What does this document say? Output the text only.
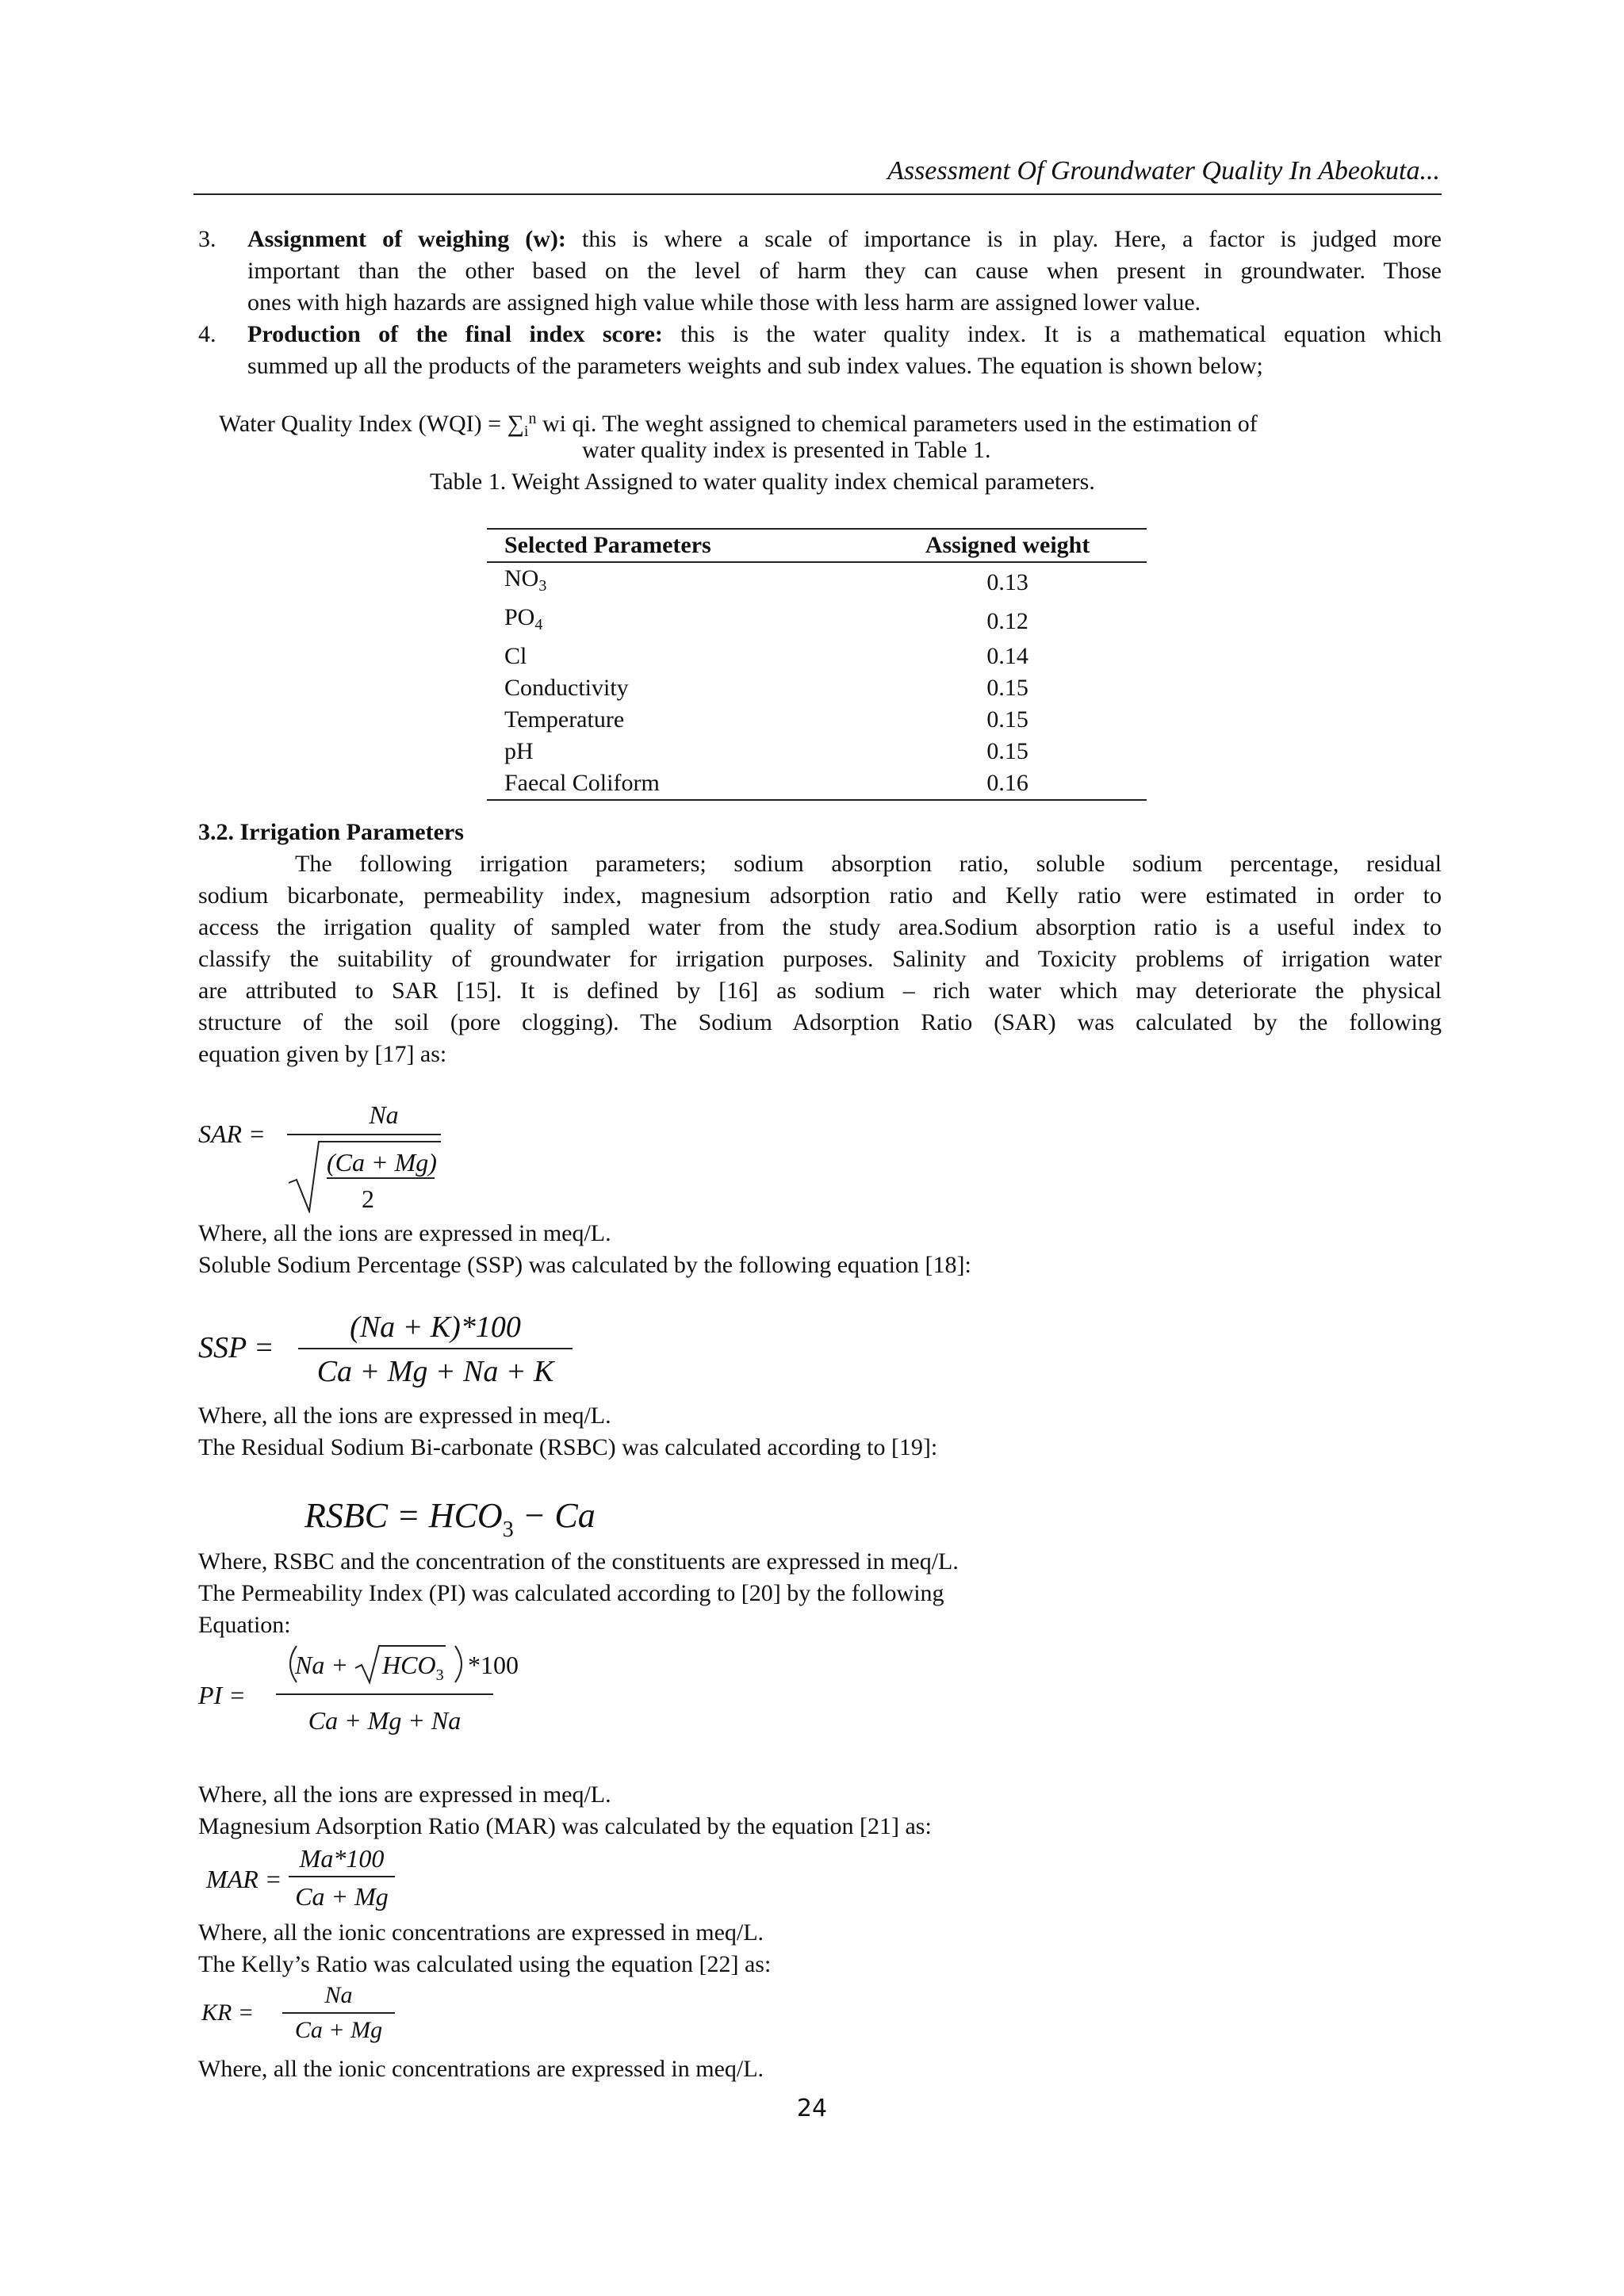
Assessment Of Groundwater Quality In Abeokuta...
3. Assignment of weighing (w): this is where a scale of importance is in play. Here, a factor is judged more
important than the other based on the level of harm they can cause when present in groundwater. Those
ones with high hazards are assigned high value while those with less harm are assigned lower value.
4. Production of the final index score: this is the water quality index. It is a mathematical equation which
summed up all the products of the parameters weights and sub index values. The equation is shown below;
Water Quality Index $(WQI) = \sum_i^n$ wi qi. The weght assigned to chemical parameters used in the estimation of
water quality index is presented in Table 1.
Table 1. Weight Assigned to water quality index chemical parameters.
Selected Parameters	Assigned weight
$NO_3$	0.13
$PO_4$	0.12
Cl	0.14
Conductivity	0.15
Temperature	0.15
pH	0.15
Faecal Coliform	0.16
3.2. Irrigation Parameters
The following irrigation parameters; sodium absorption ratio, soluble sodium percentage, residual
sodium bicarbonate, permeability index, magnesium adsorption ratio and Kelly ratio were estimated in order to
access the irrigation quality of sampled water from the study area.Sodium absorption ratio is a useful index to
classify the suitability of groundwater for irrigation purposes. Salinity and Toxicity problems of irrigation water
are attributed to SAR [15]. It is defined by [16] as sodium – rich water which may deteriorate the physical
structure of the soil (pore clogging). The Sodium Adsorption Ratio (SAR) was calculated by the following
equation given by [17] as:
SAR =
Na
(Ca + Mg)
2
Where, all the ions are expressed in meq/L.
Soluble Sodium Percentage (SSP) was calculated by the following equation [18]:
SSP =
(Na + K)*100
Ca + Mg + Na + K
Where, all the ions are expressed in meq/L.
The Residual Sodium Bi-carbonate (RSBC) was calculated according to [19]:
RSBC = $HCO_3 - Ca$
Where, RSBC and the concentration of the constituents are expressed in meq/L.
The Permeability Index (PI) was calculated according to [20] by the following
Equation:
PI =
$Na + HCO_3$ *100
Ca + Mg + Na
Where, all the ions are expressed in meq/L.
Magnesium Adsorption Ratio (MAR) was calculated by the equation [21] as:
MAR =
Ma*100
Ca + Mg
Where, all the ionic concentrations are expressed in meq/L.
The Kelly’s Ratio was calculated using the equation [22] as:
KR =
Na
Ca + Mg
Where, all the ionic concentrations are expressed in meq/L.
24
